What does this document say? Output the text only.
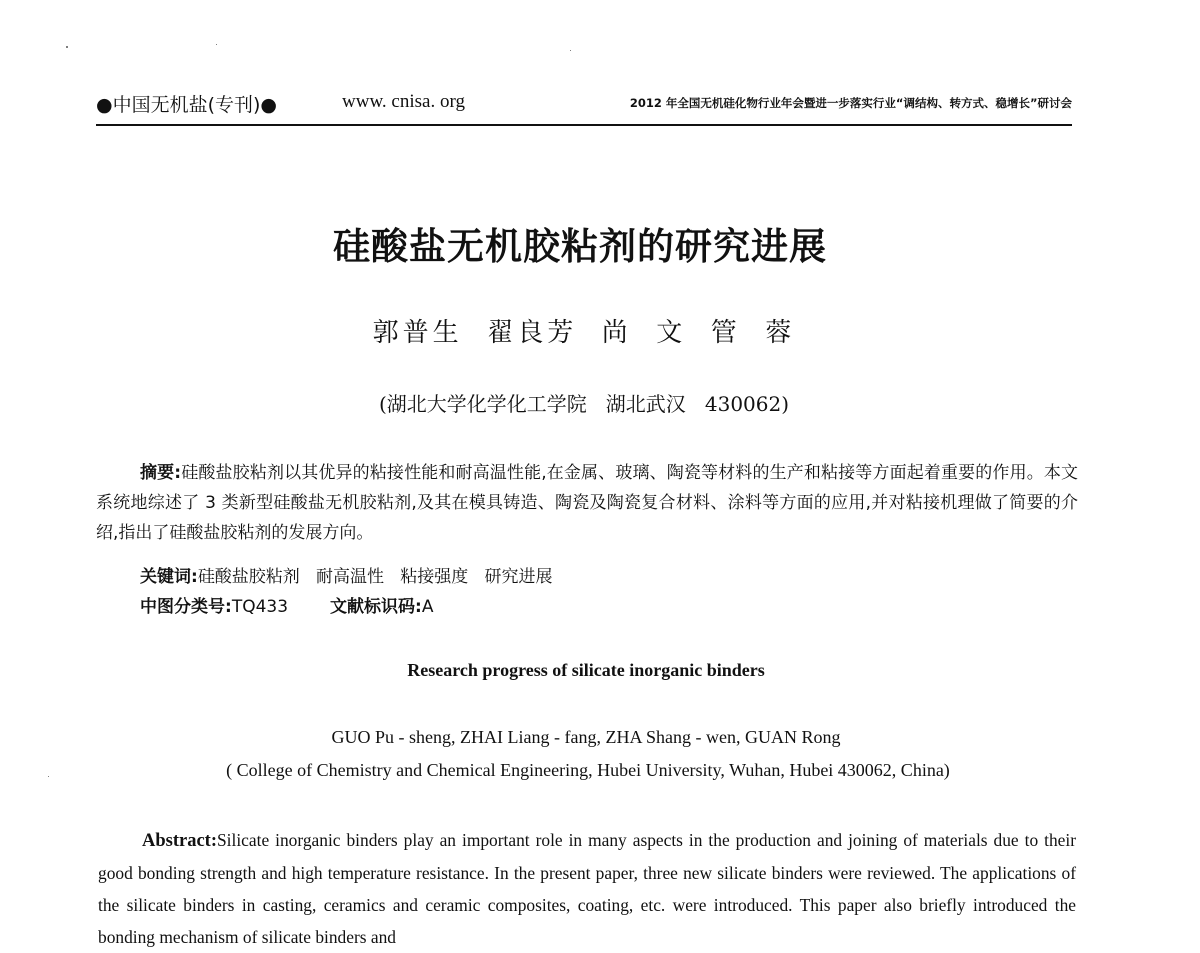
●中国无机盐(专刊)●	www. cnisa. org	2012 年全国无机硅化物行业年会暨进一步落实行业“调结构、转方式、稳增长”研讨会
硅酸盐无机胶粘剂的研究进展
郭普生  翟良芳  尚  文  管  蓉
(湖北大学化学化工学院   湖北武汉   430062)
摘要:硅酸盐胶粘剂以其优异的粘接性能和耐高温性能,在金属、玻璃、陶瓷等材料的生产和粘接等方面起着重要的作用。本文系统地综述了 3 类新型硅酸盐无机胶粘剂,及其在模具铸造、陶瓷及陶瓷复合材料、涂料等方面的应用,并对粘接机理做了简要的介绍,指出了硅酸盐胶粘剂的发展方向。
关键词:硅酸盐胶粘剂   耐高温性   粘接强度   研究进展
中图分类号:TQ433 文献标识码:A
Research progress of silicate inorganic binders
GUO Pu - sheng, ZHAI Liang - fang, ZHA Shang - wen, GUAN Rong
( College of Chemistry and Chemical Engineering, Hubei University, Wuhan, Hubei 430062, China)
Abstract:Silicate inorganic binders play an important role in many aspects in the production and joining of materials due to their good bonding strength and high temperature resistance. In the present paper, three new silicate binders were reviewed. The applications of the silicate binders in casting, ceramics and ceramic composites, coating, etc. were introduced. This paper also briefly introduced the bonding mechanism of silicate binders and
